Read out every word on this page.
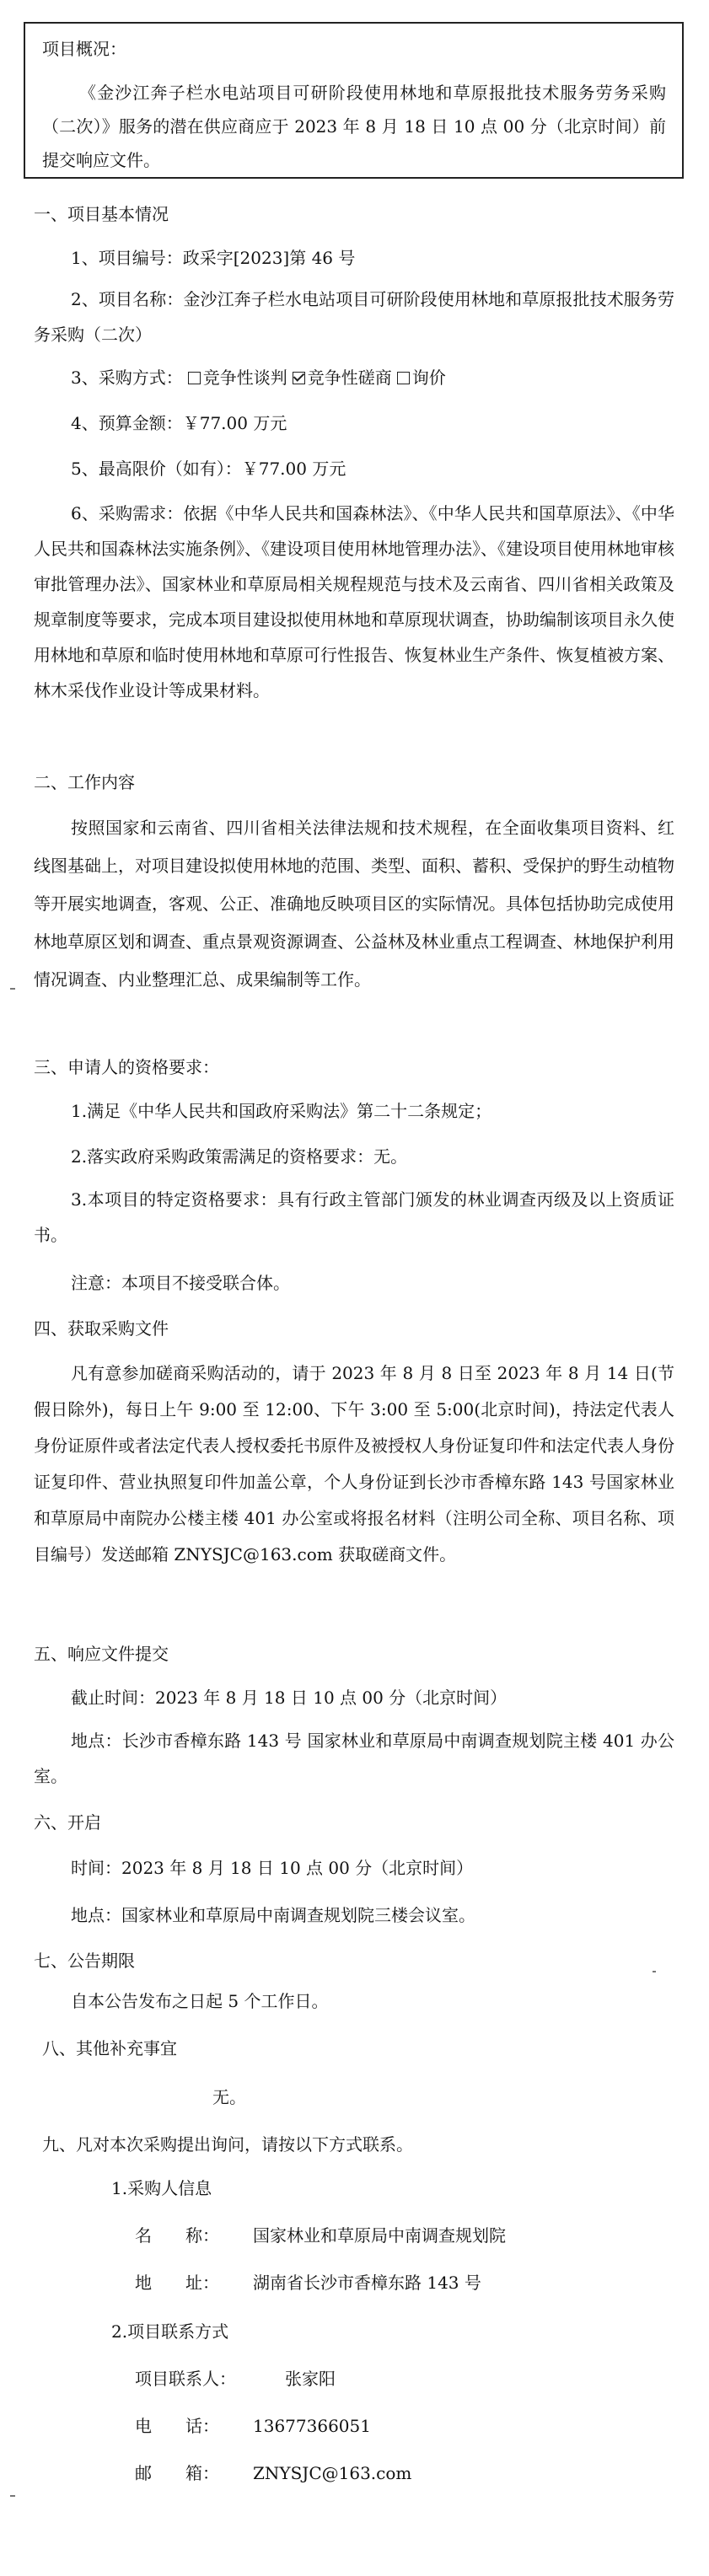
项目概况：
《金沙江奔子栏水电站项目可研阶段使用林地和草原报批技术服务劳务采购（二次）》服务的潜在供应商应于 2023 年 8 月 18 日 10 点 00 分（北京时间）前提交响应文件。
一、项目基本情况
1、项目编号：政采字[2023]第 46 号
2、项目名称：金沙江奔子栏水电站项目可研阶段使用林地和草原报批技术服务劳务采购（二次）
3、采购方式： 竞争性谈判 竞争性磋商 询价
4、预算金额：￥77.00 万元
5、最高限价（如有）：￥77.00 万元
6、采购需求：依据《中华人民共和国森林法》、《中华人民共和国草原法》、《中华人民共和国森林法实施条例》、《建设项目使用林地管理办法》、《建设项目使用林地审核审批管理办法》、国家林业和草原局相关规程规范与技术及云南省、四川省相关政策及规章制度等要求，完成本项目建设拟使用林地和草原现状调查，协助编制该项目永久使用林地和草原和临时使用林地和草原可行性报告、恢复林业生产条件、恢复植被方案、林木采伐作业设计等成果材料。
二、工作内容
按照国家和云南省、四川省相关法律法规和技术规程，在全面收集项目资料、红线图基础上，对项目建设拟使用林地的范围、类型、面积、蓄积、受保护的野生动植物等开展实地调查，客观、公正、准确地反映项目区的实际情况。具体包括协助完成使用林地草原区划和调查、重点景观资源调查、公益林及林业重点工程调查、林地保护利用情况调查、内业整理汇总、成果编制等工作。
三、申请人的资格要求：
1.满足《中华人民共和国政府采购法》第二十二条规定；
2.落实政府采购政策需满足的资格要求：无。
3.本项目的特定资格要求：具有行政主管部门颁发的林业调查丙级及以上资质证书。
注意：本项目不接受联合体。
四、获取采购文件
凡有意参加磋商采购活动的，请于 2023 年 8 月 8 日至 2023 年 8 月 14 日(节假日除外)，每日上午 9:00 至 12:00、下午 3:00 至 5:00(北京时间)，持法定代表人身份证原件或者法定代表人授权委托书原件及被授权人身份证复印件和法定代表人身份证复印件、营业执照复印件加盖公章，个人身份证到长沙市香樟东路 143 号国家林业和草原局中南院办公楼主楼 401 办公室或将报名材料（注明公司全称、项目名称、项目编号）发送邮箱 ZNYSJC@163.com 获取磋商文件。
五、响应文件提交
截止时间：2023 年 8 月 18 日 10 点 00 分（北京时间）
地点：长沙市香樟东路 143 号 国家林业和草原局中南调查规划院主楼 401 办公室。
六、开启
时间：2023 年 8 月 18 日 10 点 00 分（北京时间）
地点：国家林业和草原局中南调查规划院三楼会议室。
七、公告期限
自本公告发布之日起 5 个工作日。
八、其他补充事宜
无。
九、凡对本次采购提出询问，请按以下方式联系。
1.采购人信息
名　　称： 国家林业和草原局中南调查规划院
地　　址： 湖南省长沙市香樟东路 143 号
2.项目联系方式
项目联系人：	张家阳
电　　话： 13677366051
邮　　箱： ZNYSJC@163.com
